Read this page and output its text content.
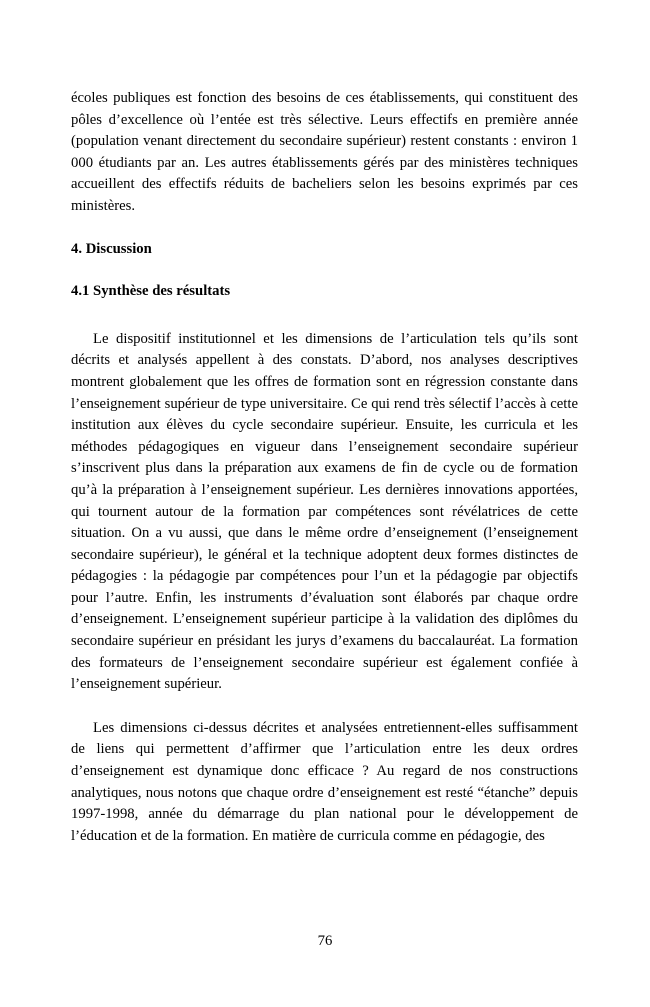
écoles publiques est fonction des besoins de ces établissements, qui constituent des pôles d’excellence où l’entée est très sélective. Leurs effectifs en première année (population venant directement du secondaire supérieur) restent constants : environ 1 000 étudiants par an. Les autres établissements gérés par des ministères techniques accueillent des effectifs réduits de bacheliers selon les besoins exprimés par ces ministères.

4. Discussion
4.1 Synthèse des résultats

Le dispositif institutionnel et les dimensions de l’articulation tels qu’ils sont décrits et analysés appellent à des constats. D’abord, nos analyses descriptives montrent globalement que les offres de formation sont en régression constante dans l’enseignement supérieur de type universitaire. Ce qui rend très sélectif l’accès à cette institution aux élèves du cycle secondaire supérieur. Ensuite, les curricula et les méthodes pédagogiques en vigueur dans l’enseignement secondaire supérieur s’inscrivent plus dans la préparation aux examens de fin de cycle ou de formation qu’à la préparation à l’enseignement supérieur. Les dernières innovations apportées, qui tournent autour de la formation par compétences sont révélatrices de cette situation. On a vu aussi, que dans le même ordre d’enseignement (l’enseignement secondaire supérieur), le général et la technique adoptent deux formes distinctes de pédagogies : la pédagogie par compétences pour l’un et la pédagogie par objectifs pour l’autre. Enfin, les instruments d’évaluation sont élaborés par chaque ordre d’enseignement. L’enseignement supérieur participe à la validation des diplômes du secondaire supérieur en présidant les jurys d’examens du baccalauréat. La formation des formateurs de l’enseignement secondaire supérieur est également confiée à l’enseignement supérieur.

Les dimensions ci-dessus décrites et analysées entretiennent-elles suffisamment de liens qui permettent d’affirmer que l’articulation entre les deux ordres d’enseignement est dynamique donc efficace ? Au regard de nos constructions analytiques, nous notons que chaque ordre d’enseignement est resté “étanche” depuis 1997-1998, année du démarrage du plan national pour le développement de l’éducation et de la formation. En matière de curricula comme en pédagogie, des

76
